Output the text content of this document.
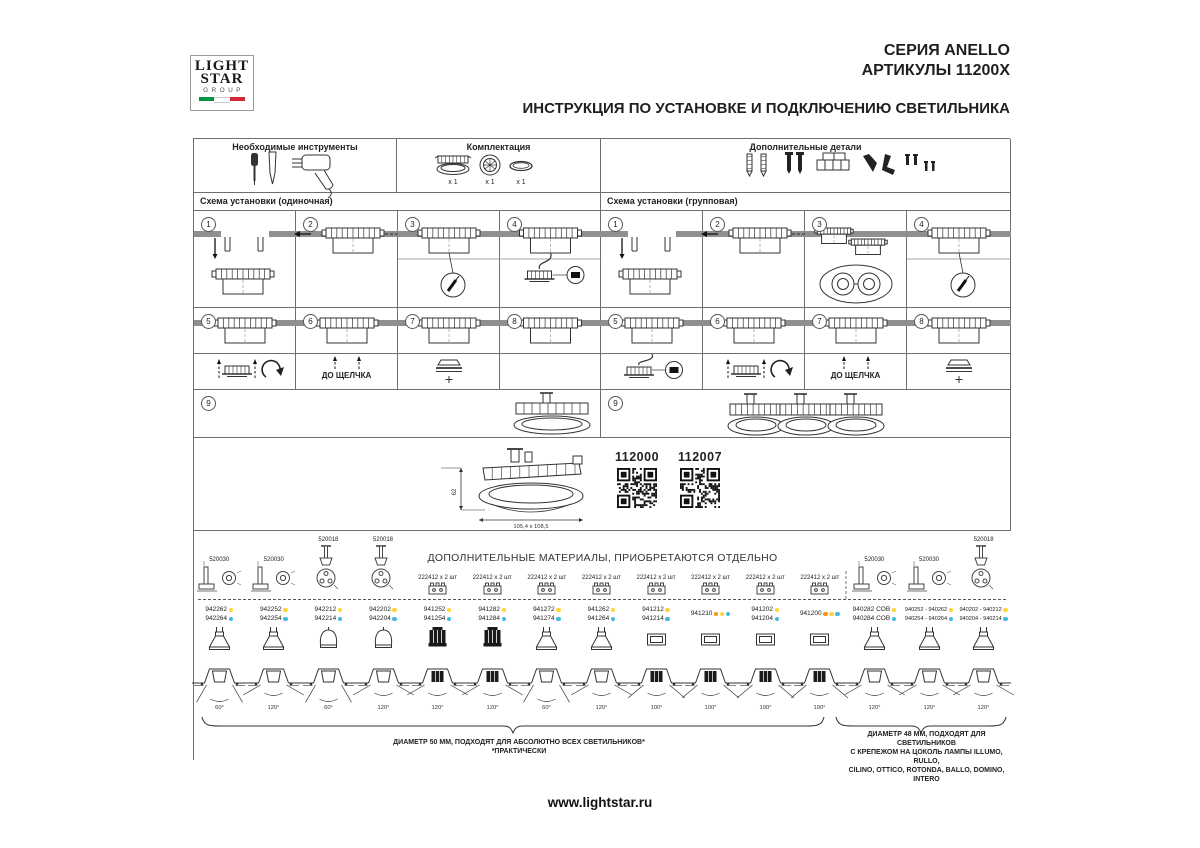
LIGHT
STAR
GROUP
СЕРИЯ ANELLO
АРТИКУЛЫ 11200X
ИНСТРУКЦИЯ ПО УСТАНОВКЕ И ПОДКЛЮЧЕНИЮ СВЕТИЛЬНИКА
Необходимые инструменты	Комплектация
x 1	x 1	x 1
Дополнительные детали
Схема установки (одиночная)	Схема установки (групповая)
1	2	3	4
5	6
ДО ЩЕЛЧКА
7	8
1	2	3	4
5	6	7
ДО ЩЕЛЧКА
8
9	9
112000 112007
62
105,4 x 108,5
ДОПОЛНИТЕЛЬНЫЕ МАТЕРИАЛЫ, ПРИОБРЕТАЮТСЯ ОТДЕЛЬНО
ДИАМЕТР 50 ММ, ПОДХОДЯТ ДЛЯ АБСОЛЮТНО ВСЕХ СВЕТИЛЬНИКОВ*
*ПРАКТИЧЕСКИ
ДИАМЕТР 48 ММ, ПОДХОДЯТ ДЛЯ СВЕТИЛЬНИКОВ
С КРЕПЕЖОМ НА ЦОКОЛЬ ЛАМПЫ ILLUMO, RULLO,
CILINO, OTTICO, ROTONDA, BALLO, DOMINO, INTERO
520030
942262
942264
60°
520030
942252
942254
120°
520018
942212
942214
60°
520018
942202
942204
120°
222412 x 2 шт
941252
941254
120°
222412 x 2 шт
941282
941284
120°
222412 x 2 шт
941272
941274
60°
222412 x 2 шт
941262
941264
120°
222412 x 2 шт
941212
941214
100°
222412 x 2 шт
941210
100°
222412 x 2 шт
941202
941204
100°
222412 x 2 шт
941200
100°
520030
940282 COB
940284 COB
120°
520030
940252 - 940262
940254 - 940264
120°
520018
940202 - 940212
940204 - 940214
120°
www.lightstar.ru
